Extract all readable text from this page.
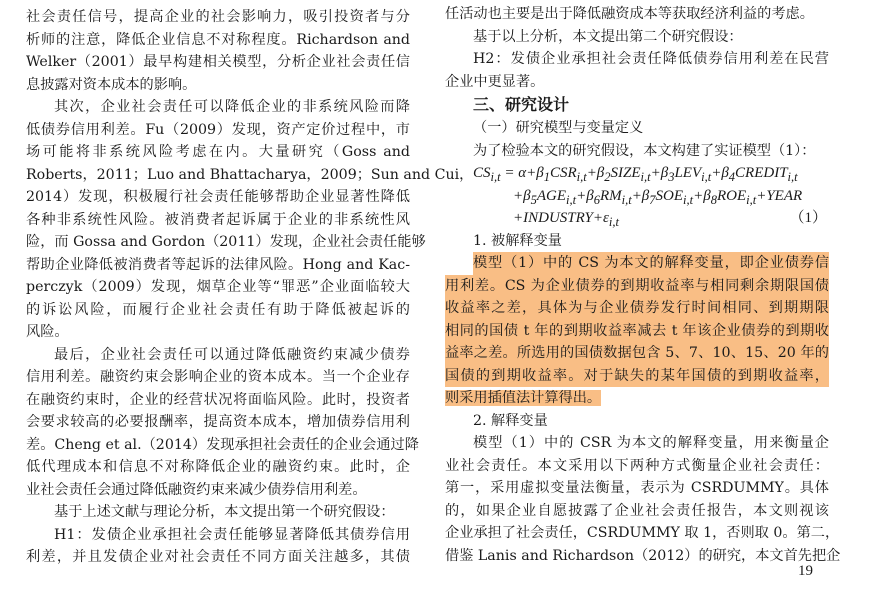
社会责任信号，提高企业的社会影响力，吸引投资者与分
析师的注意，降低企业信息不对称程度。Richardson and
Welker（2001）最早构建相关模型，分析企业社会责任信
息披露对资本成本的影响。
其次，企业社会责任可以降低企业的非系统风险而降
低债券信用利差。Fu（2009）发现，资产定价过程中，市
场可能将非系统风险考虑在内。大量研究（Goss and
Roberts，2011；Luo and Bhattacharya，2009；Sun and Cui，
2014）发现，积极履行社会责任能够帮助企业显著性降低
各种非系统性风险。被消费者起诉属于企业的非系统性风
险，而 Gossa and Gordon（2011）发现，企业社会责任能够
帮助企业降低被消费者等起诉的法律风险。Hong and Kac-
perczyk（2009）发现，烟草企业等“罪恶”企业面临较大
的诉讼风险，而履行企业社会责任有助于降低被起诉的
风险。
最后，企业社会责任可以通过降低融资约束减少债券
信用利差。融资约束会影响企业的资本成本。当一个企业存
在融资约束时，企业的经营状况将面临风险。此时，投资者
会要求较高的必要报酬率，提高资本成本，增加债券信用利
差。Cheng et al.（2014）发现承担社会责任的企业会通过降
低代理成本和信息不对称降低企业的融资约束。此时，企
业社会责任会通过降低融资约束来减少债券信用利差。
基于上述文献与理论分析，本文提出第一个研究假设：
H1：发债企业承担社会责任能够显著降低其债券信用
利差，并且发债企业对社会责任不同方面关注越多，其债
任活动也主要是出于降低融资成本等获取经济利益的考虑。
基于以上分析，本文提出第二个研究假设：
H2：发债企业承担社会责任降低债券信用利差在民营
企业中更显著。
三、研究设计
（一）研究模型与变量定义
为了检验本文的研究假设，本文构建了实证模型（1）：
$CS_{i,t}$ = $\alpha+\beta_1CSR_{i,t}+\beta_2SIZE_{i,t}+\beta_3LEV_{i,t}+\beta_4CREDIT_{i,t}$
$+\beta_5AGE_{i,t}+\beta_6RM_{i,t}+\beta_7SOE_{i,t}+\beta_8ROE_{i,t}+YEAR$
$+INDUSTRY+\varepsilon_{i,t}$	（1）
1. 被解释变量
模型（1）中的 CS 为本文的解释变量，即企业债券信
用利差。CS 为企业债券的到期收益率与相同剩余期限国债
收益率之差，具体为与企业债券发行时间相同、到期期限
相同的国债 t 年的到期收益率减去 t 年该企业债券的到期收
益率之差。所选用的国债数据包含 5、7、10、15、20 年的
国债的到期收益率。对于缺失的某年国债的到期收益率，
则采用插值法计算得出。
2. 解释变量
模型（1）中的 CSR 为本文的解释变量，用来衡量企
业社会责任。本文采用以下两种方式衡量企业社会责任：
第一，采用虚拟变量法衡量，表示为 CSRDUMMY。具体
的，如果企业自愿披露了企业社会责任报告，本文则视该
企业承担了社会责任，CSRDUMMY 取 1，否则取 0。第二，
借鉴 Lanis and Richardson（2012）的研究，本文首先把企
19
